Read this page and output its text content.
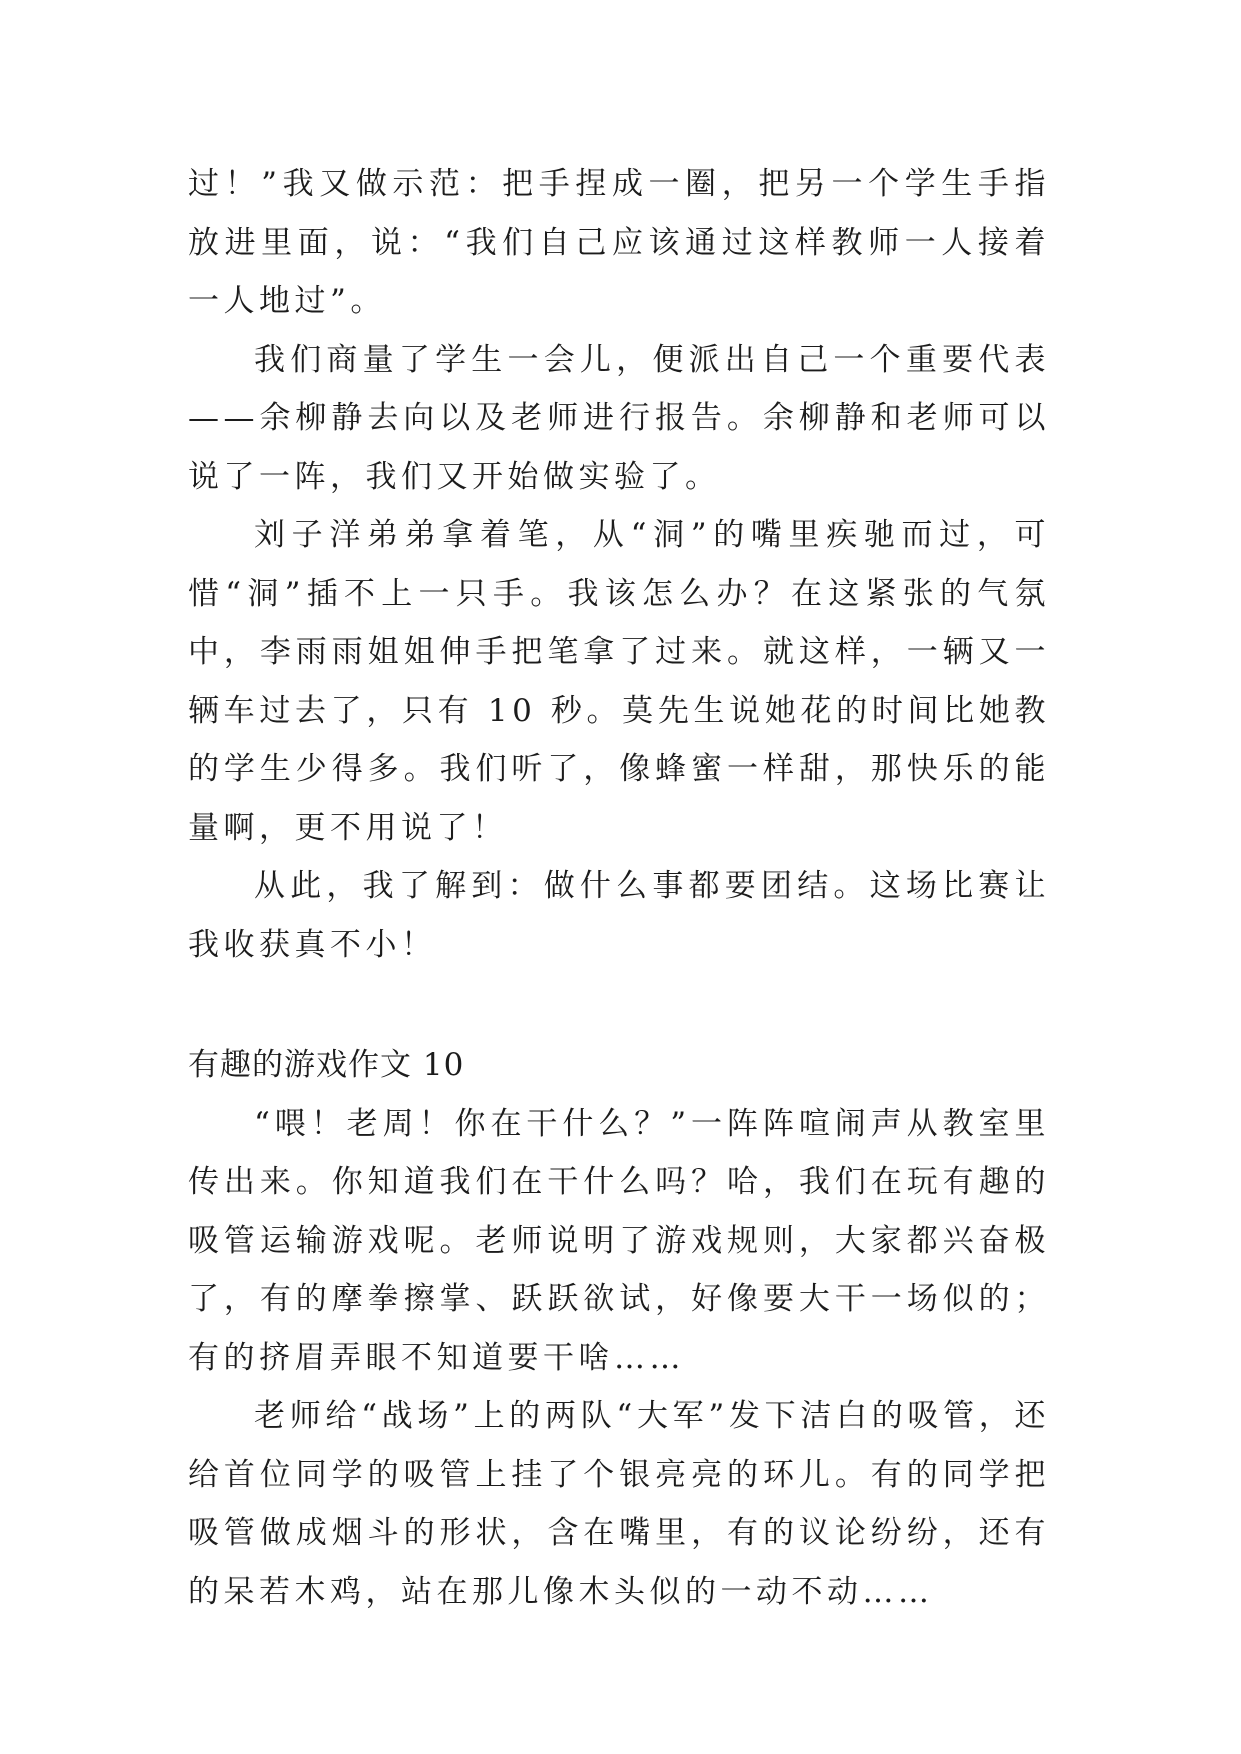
过！”我又做示范：把手捏成一圈，把另一个学生手指放进里面，说：“我们自己应该通过这样教师一人接着一人地过”。

我们商量了学生一会儿，便派出自己一个重要代表——余柳静去向以及老师进行报告。余柳静和老师可以说了一阵，我们又开始做实验了。

刘子洋弟弟拿着笔，从“洞”的嘴里疾驰而过，可惜“洞”插不上一只手。我该怎么办？在这紧张的气氛中，李雨雨姐姐伸手把笔拿了过来。就这样，一辆又一辆车过去了，只有 10 秒。莫先生说她花的时间比她教的学生少得多。我们听了，像蜂蜜一样甜，那快乐的能量啊，更不用说了！

从此，我了解到：做什么事都要团结。这场比赛让我收获真不小！

有趣的游戏作文 10

“喂！老周！你在干什么？”一阵阵喧闹声从教室里传出来。你知道我们在干什么吗？哈，我们在玩有趣的吸管运输游戏呢。老师说明了游戏规则，大家都兴奋极了，有的摩拳擦掌、跃跃欲试，好像要大干一场似的；有的挤眉弄眼不知道要干啥……

老师给“战场”上的两队“大军”发下洁白的吸管，还给首位同学的吸管上挂了个银亮亮的环儿。有的同学把吸管做成烟斗的形状，含在嘴里，有的议论纷纷，还有的呆若木鸡，站在那儿像木头似的一动不动……
